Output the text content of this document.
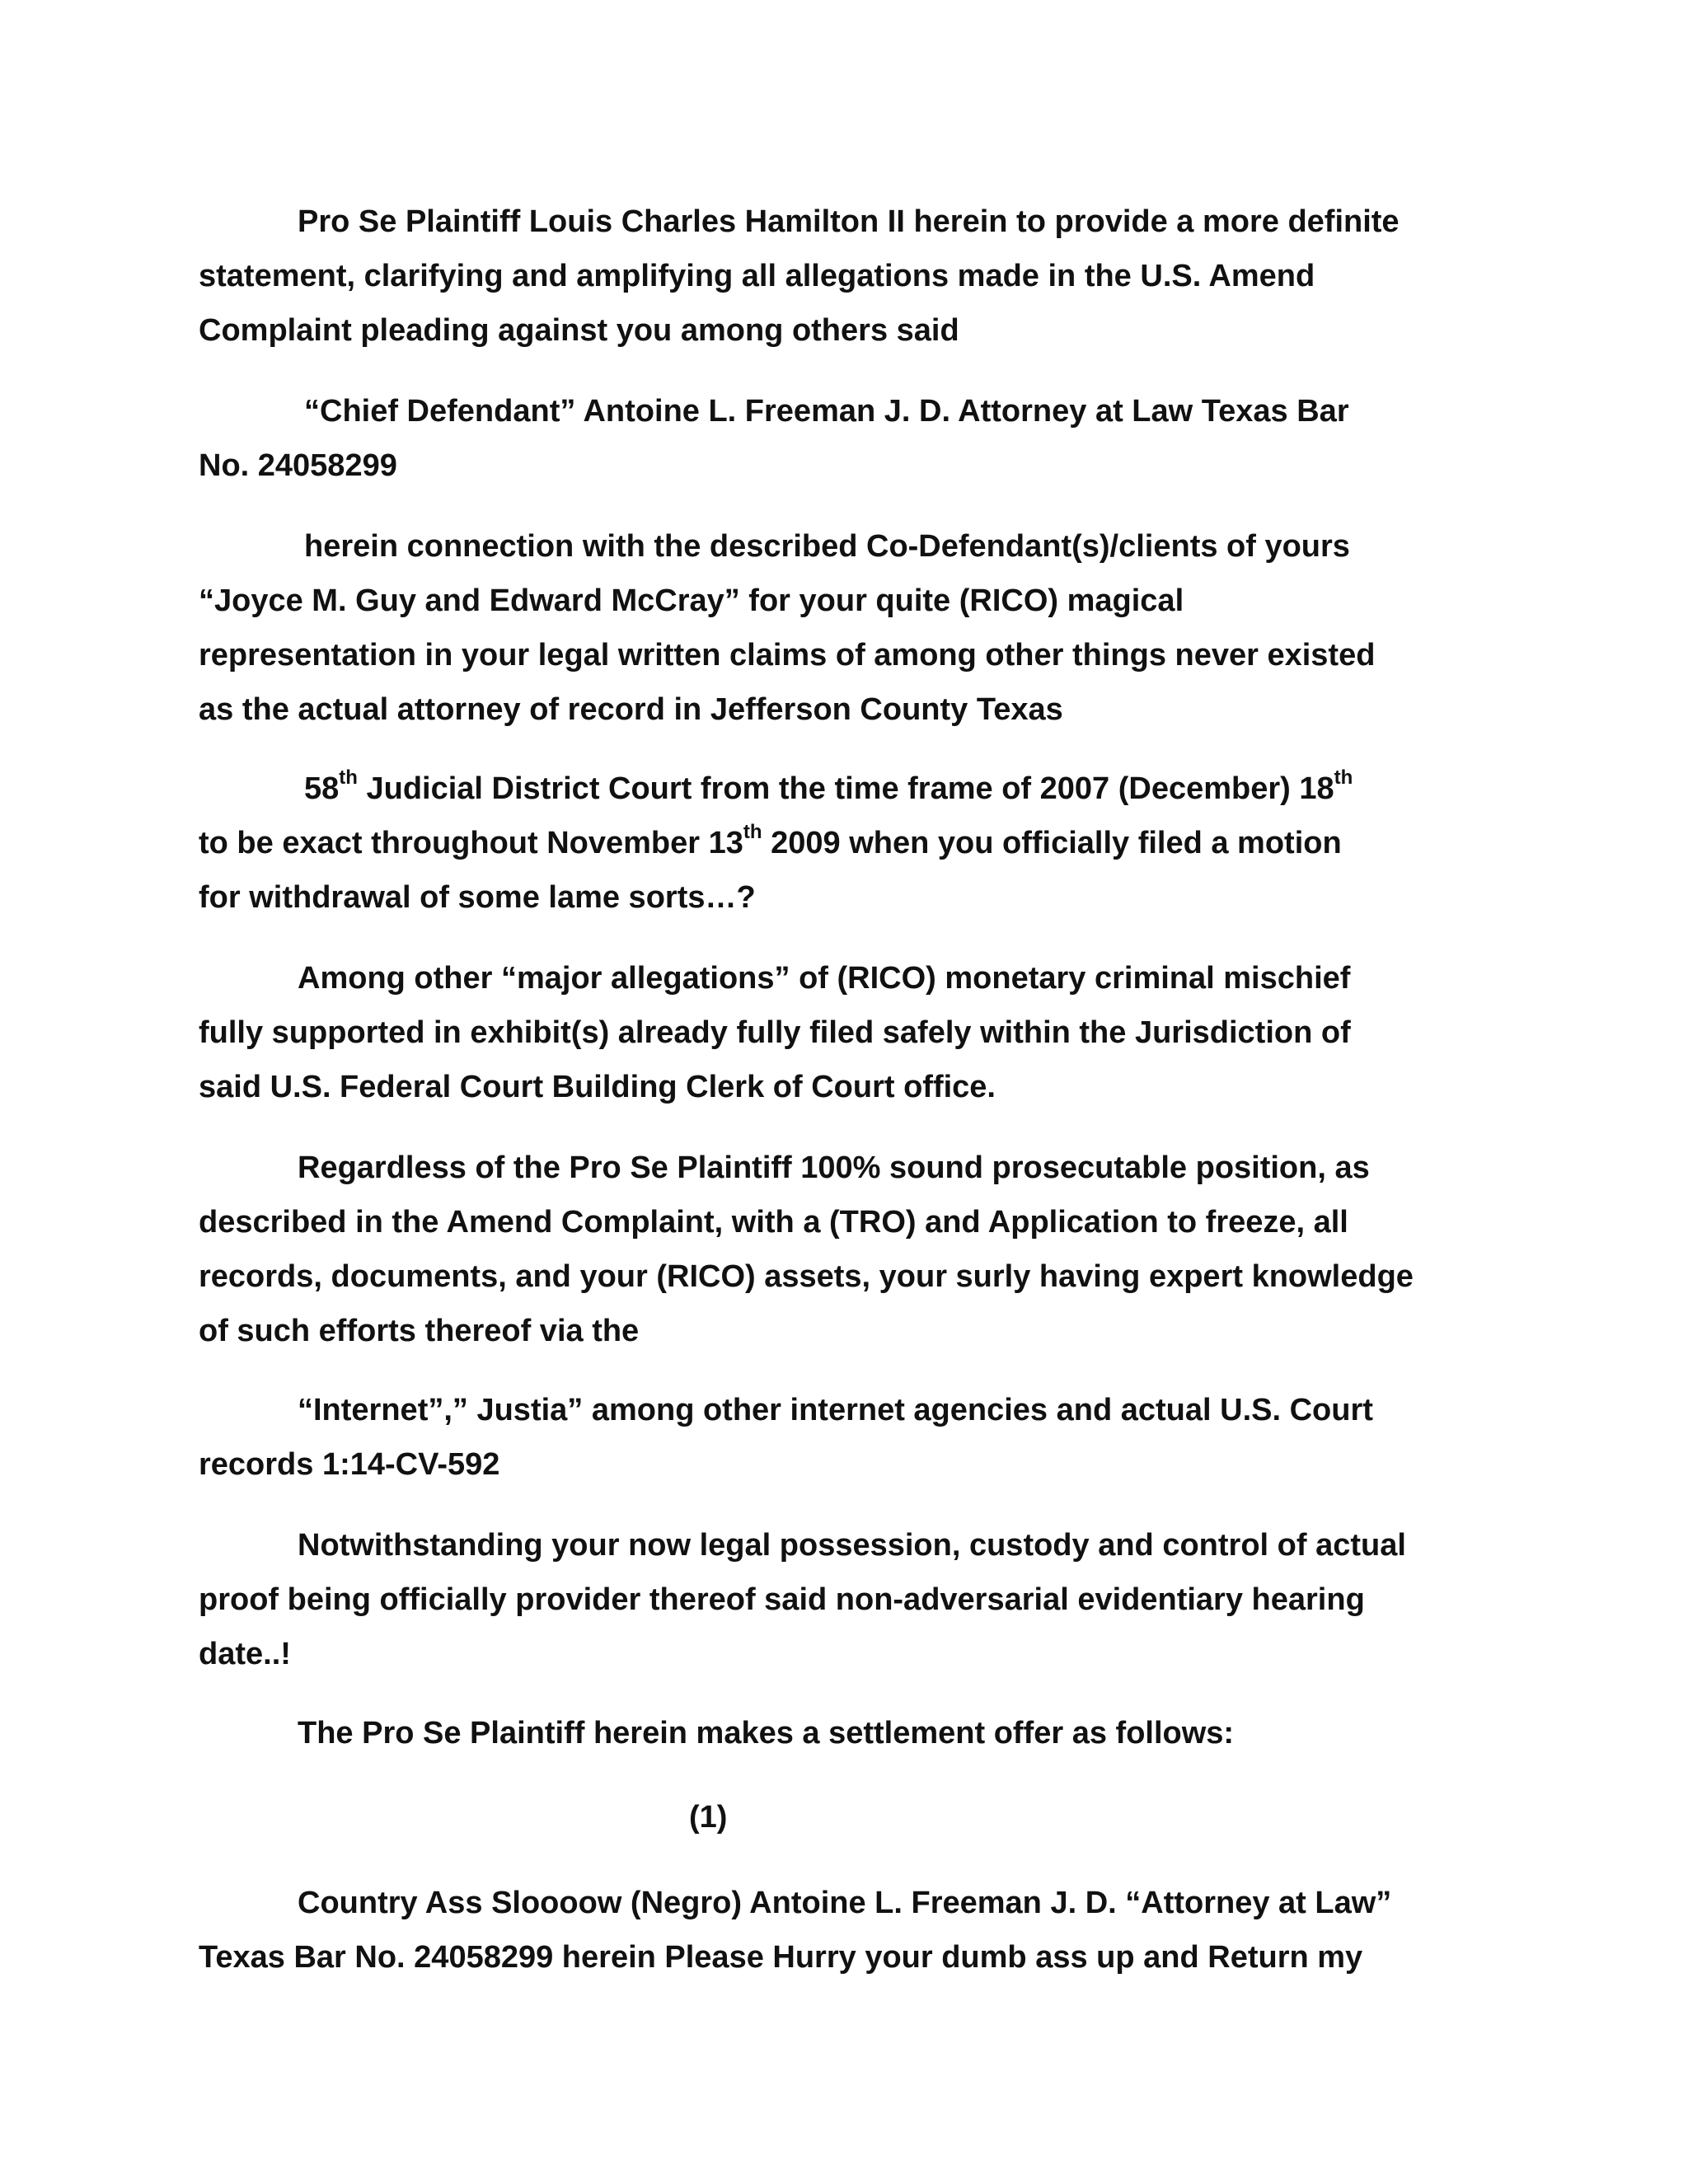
Pro Se Plaintiff Louis Charles Hamilton II herein to provide a more definite
statement, clarifying and amplifying all allegations made in the U.S. Amend
Complaint pleading against you among others said
“Chief Defendant” Antoine L. Freeman J. D. Attorney at Law Texas Bar
No. 24058299
herein connection with the described Co-Defendant(s)/clients of yours
“Joyce M. Guy and Edward McCray” for your quite (RICO) magical
representation in your legal written claims of among other things never existed
as the actual attorney of record in Jefferson County Texas
58th Judicial District Court from the time frame of 2007 (December) 18th
to be exact throughout November 13th 2009 when you officially filed a motion
for withdrawal of some lame sorts…?
Among other “major allegations” of (RICO) monetary criminal mischief
fully supported in exhibit(s) already fully filed safely within the Jurisdiction of
said U.S. Federal Court Building Clerk of Court office.
Regardless of the Pro Se Plaintiff 100% sound prosecutable position, as
described in the Amend Complaint, with a (TRO) and Application to freeze, all
records, documents, and your (RICO) assets, your surly having expert knowledge
of such efforts thereof via the
“Internet”,” Justia” among other internet agencies and actual U.S. Court
records 1:14-CV-592
Notwithstanding your now legal possession, custody and control of actual
proof being officially provider thereof said non-adversarial evidentiary hearing
date..!
The Pro Se Plaintiff herein makes a settlement offer as follows:
(1)
Country Ass Sloooow (Negro) Antoine L. Freeman J. D. “Attorney at Law”
Texas Bar No. 24058299 herein Please Hurry your dumb ass up and Return my
